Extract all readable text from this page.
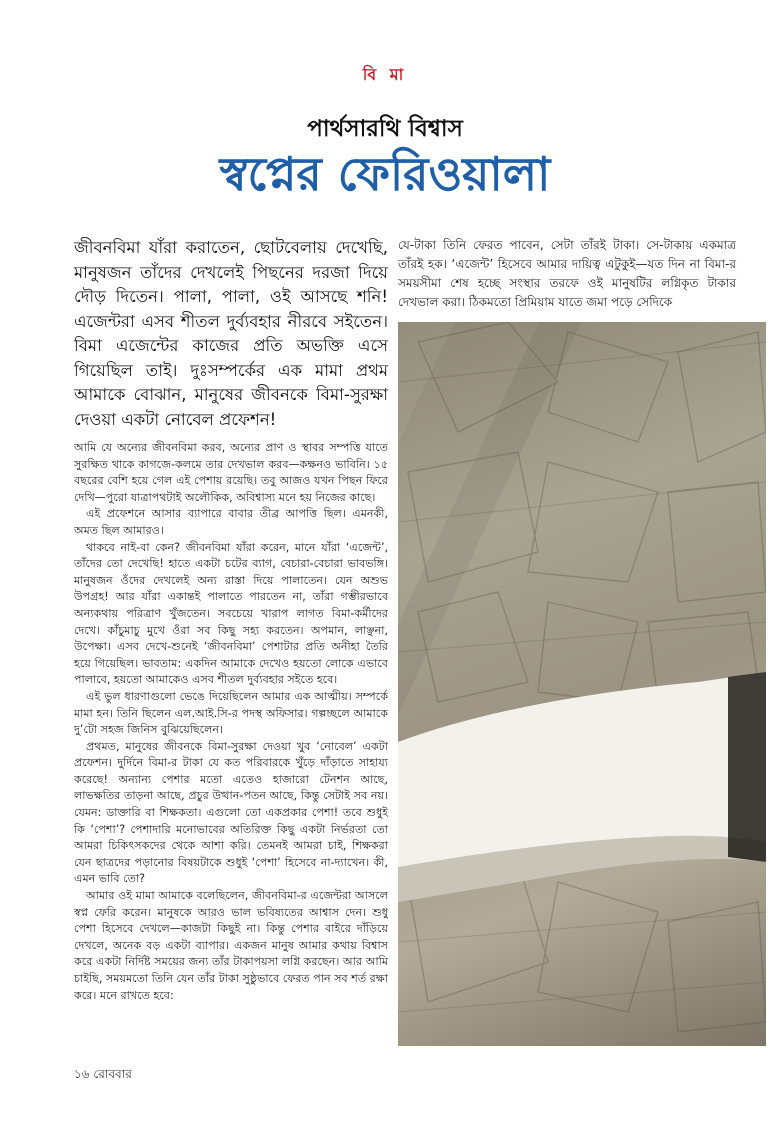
বি মা
পার্থসারথি বিশ্বাস
স্বপ্নের ফেরিওয়ালা

জীবনবিমা যাঁরা করাতেন, ছোটবেলায় দেখেছি, মানুষজন তাঁদের দেখলেই পিছনের দরজা দিয়ে দৌড় দিতেন। পালা, পালা, ওই আসছে শনি! এজেন্টরা এসব শীতল দুর্ব্যবহার নীরবে সইতেন। বিমা এজেন্টের কাজের প্রতি অভক্তি এসে গিয়েছিল তাই। দুঃসম্পর্কের এক মামা প্রথম আমাকে বোঝান, মানুষের জীবনকে বিমা-সুরক্ষা দেওয়া একটা নোবেল প্রফেশন!

যে-টাকা তিনি ফেরত পাবেন, সেটা তাঁরই টাকা। সে-টাকায় একমাত্র তাঁরই হক। ‘এজেন্ট’ হিসেবে আমার দায়িত্ব এটুকুই—যত দিন না বিমা-র সময়সীমা শেষ হচ্ছে সংস্থার তরফে ওই মানুষটির লগ্নিকৃত টাকার দেখভাল করা। ঠিকমতো প্রিমিয়াম যাতে জমা পড়ে সেদিকে

আমি যে অন্যের জীবনবিমা করব, অন্যের প্রাণ ও স্থাবর সম্পত্তি যাতে সুরক্ষিত থাকে কাগজে-কলমে তার দেখভাল করব—কক্ষনও ভাবিনি। ১৫ বছরের বেশি হয়ে গেল এই পেশায় রয়েছি। তবু আজও যখন পিছন ফিরে দেখি—পুরো যাত্রাপথটাই অলৌকিক, অবিশ্বাস্য মনে হয় নিজের কাছে।

এই প্রফেশনে আসার ব্যাপারে বাবার তীব্র আপত্তি ছিল। এমনকী, অমত ছিল আমারও।

থাকবে নাই-বা কেন? জীবনবিমা যাঁরা করেন, মানে যাঁরা ‘এজেন্ট’, তাঁদের তো দেখেছি! হাতে একটা চটের ব্যাগ, বেচারা-বেচারা ভাবভঙ্গি। মানুষজন ওঁদের দেখলেই অন্য রাস্তা দিয়ে পালাতেন। যেন অশুভ উপগ্রহ! আর যাঁরা একান্তই পালাতে পারতেন না, তাঁরা গম্ভীরভাবে অন্যকথায় পরিত্রাণ খুঁজতেন। সবচেয়ে খারাপ লাগত বিমা-কর্মীদের দেখে। কাঁচুমাচু মুখে ওঁরা সব কিছু সহ্য করতেন। অপমান, লাঞ্ছনা, উপেক্ষা। এসব দেখে-শুনেই ‘জীবনবিমা’ পেশাটার প্রতি অনীহা তৈরি হয়ে গিয়েছিল। ভাবতাম: একদিন আমাকে দেখেও হয়তো লোকে এভাবে পালাবে, হয়তো আমাকেও এসব শীতল দুর্ব্যবহার সইতে হবে।

এই ভুল ধারণাগুলো ভেঙে দিয়েছিলেন আমার এক আত্মীয়। সম্পর্কে মামা হন। তিনি ছিলেন এল.আই.সি-র পদস্থ অফিসার। গল্পচ্ছলে আমাকে দু’টো সহজ জিনিস বুঝিয়েছিলেন।

প্রথমত, মানুষের জীবনকে বিমা-সুরক্ষা দেওয়া খুব ‘নোবেল’ একটা প্রফেশন। দুর্দিনে বিমা-র টাকা যে কত পরিবারকে খুঁড়ে দাঁড়াতে সাহায্য করেছে! অন্যান্য পেশার মতো এতেও হাজারো টেনশন আছে, লাভক্ষতির তাড়না আছে, প্রচুর উত্থান-পতন আছে, কিন্তু সেটাই সব নয়। যেমন: ডাক্তারি বা শিক্ষকতা। এগুলো তো একপ্রকার পেশা! তবে শুধুই কি ‘পেশা’? পেশাদারি মনোভাবের অতিরিক্ত কিছু একটা নির্ভরতা তো আমরা চিকিৎসকদের থেকে আশা করি। তেমনই আমরা চাই, শিক্ষকরা যেন ছাত্রদের পড়ানোর বিষয়টাকে শুধুই ‘পেশা’ হিসেবে না-দ্যাখেন। কী, এমন ভাবি তো?

আমার ওই মামা আমাকে বলেছিলেন, জীবনবিমা-র এজেন্টরা আসলে স্বপ্ন ফেরি করেন। মানুষকে আরও ভাল ভবিষ্যতের আশ্বাস দেন। শুধু পেশা হিসেবে দেখলে—কাজটা কিছুই না। কিন্তু পেশার বাইরে দাঁড়িয়ে দেখলে, অনেক বড় একটা ব্যাপার। একজন মানুষ আমার কথায় বিশ্বাস করে একটা নির্দিষ্ট সময়ের জন্য তাঁর টাকাপয়সা লগ্নি করছেন। আর আমি চাইছি, সময়মতো তিনি যেন তাঁর টাকা সুষ্ঠুভাবে ফেরত পান সব শর্ত রক্ষা করে। মনে রাখতে হবে:

১৬ রোববার
